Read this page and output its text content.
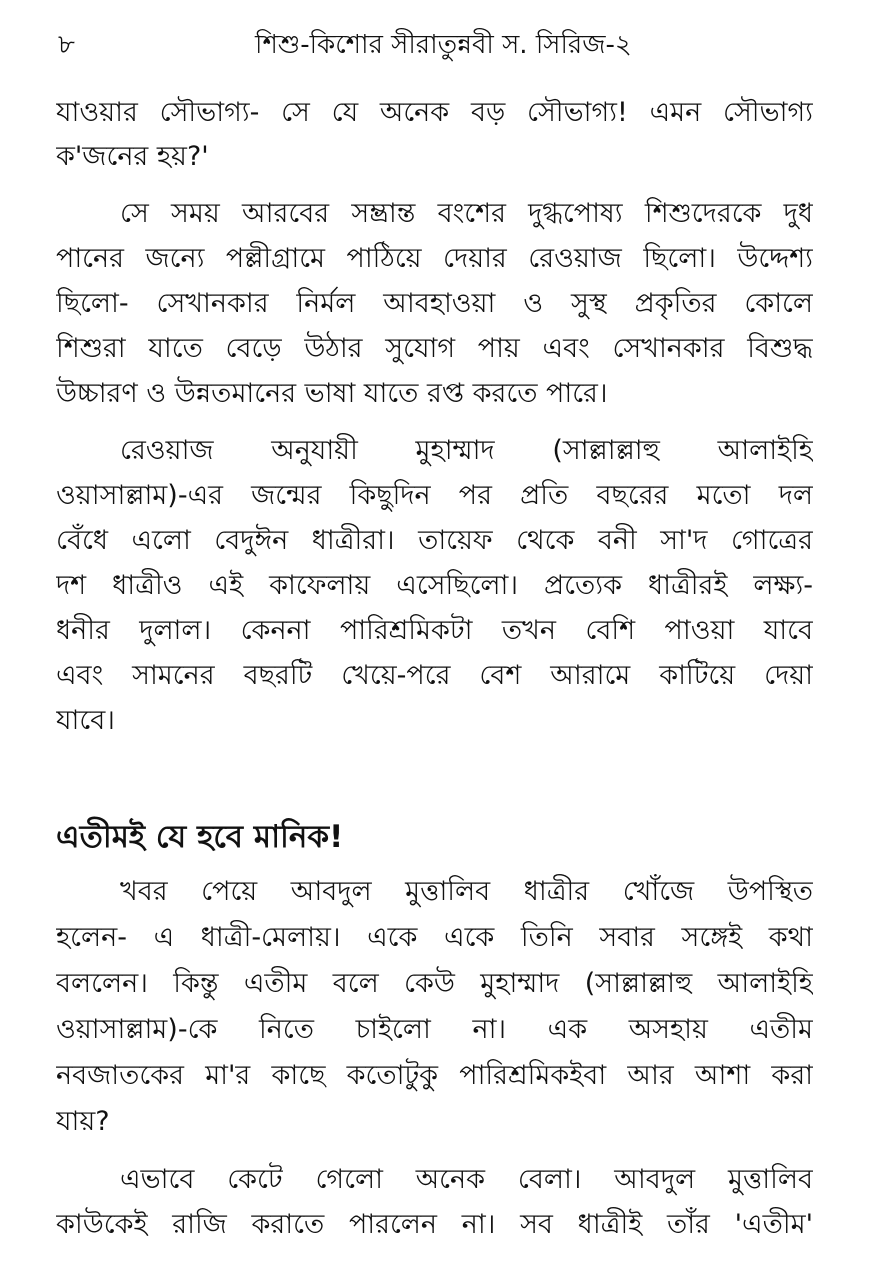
৮	শিশু-কিশোর সীরাতুন্নবী স. সিরিজ-২
যাওয়ার সৌভাগ্য- সে যে অনেক বড় সৌভাগ্য! এমন সৌভাগ্য
ক'জনের হয়?'
সে সময় আরবের সম্ভ্রান্ত বংশের দুগ্ধপোষ্য শিশুদেরকে দুধ
পানের জন্যে পল্লীগ্রামে পাঠিয়ে দেয়ার রেওয়াজ ছিলো। উদ্দেশ্য
ছিলো- সেখানকার নির্মল আবহাওয়া ও সুস্থ প্রকৃতির কোলে
শিশুরা যাতে বেড়ে উঠার সুযোগ পায় এবং সেখানকার বিশুদ্ধ
উচ্চারণ ও উন্নতমানের ভাষা যাতে রপ্ত করতে পারে।
রেওয়াজ অনুযায়ী মুহাম্মাদ (সাল্লাল্লাহু আলাইহি
ওয়াসাল্লাম)-এর জন্মের কিছুদিন পর প্রতি বছরের মতো দল
বেঁধে এলো বেদুঈন ধাত্রীরা। তায়েফ থেকে বনী সা'দ গোত্রের
দশ ধাত্রীও এই কাফেলায় এসেছিলো। প্রত্যেক ধাত্রীরই লক্ষ্য-
ধনীর দুলাল। কেননা পারিশ্রমিকটা তখন বেশি পাওয়া যাবে
এবং সামনের বছরটি খেয়ে-পরে বেশ আরামে কাটিয়ে দেয়া
যাবে।
এতীমই যে হবে মানিক!
খবর পেয়ে আবদুল মুত্তালিব ধাত্রীর খোঁজে উপস্থিত
হলেন- এ ধাত্রী-মেলায়। একে একে তিনি সবার সঙ্গেই কথা
বললেন। কিন্তু এতীম বলে কেউ মুহাম্মাদ (সাল্লাল্লাহু আলাইহি
ওয়াসাল্লাম)-কে নিতে চাইলো না। এক অসহায় এতীম
নবজাতকের মা'র কাছে কতোটুকু পারিশ্রমিকইবা আর আশা করা
যায়?
এভাবে কেটে গেলো অনেক বেলা। আবদুল মুত্তালিব
কাউকেই রাজি করাতে পারলেন না। সব ধাত্রীই তাঁর 'এতীম'
